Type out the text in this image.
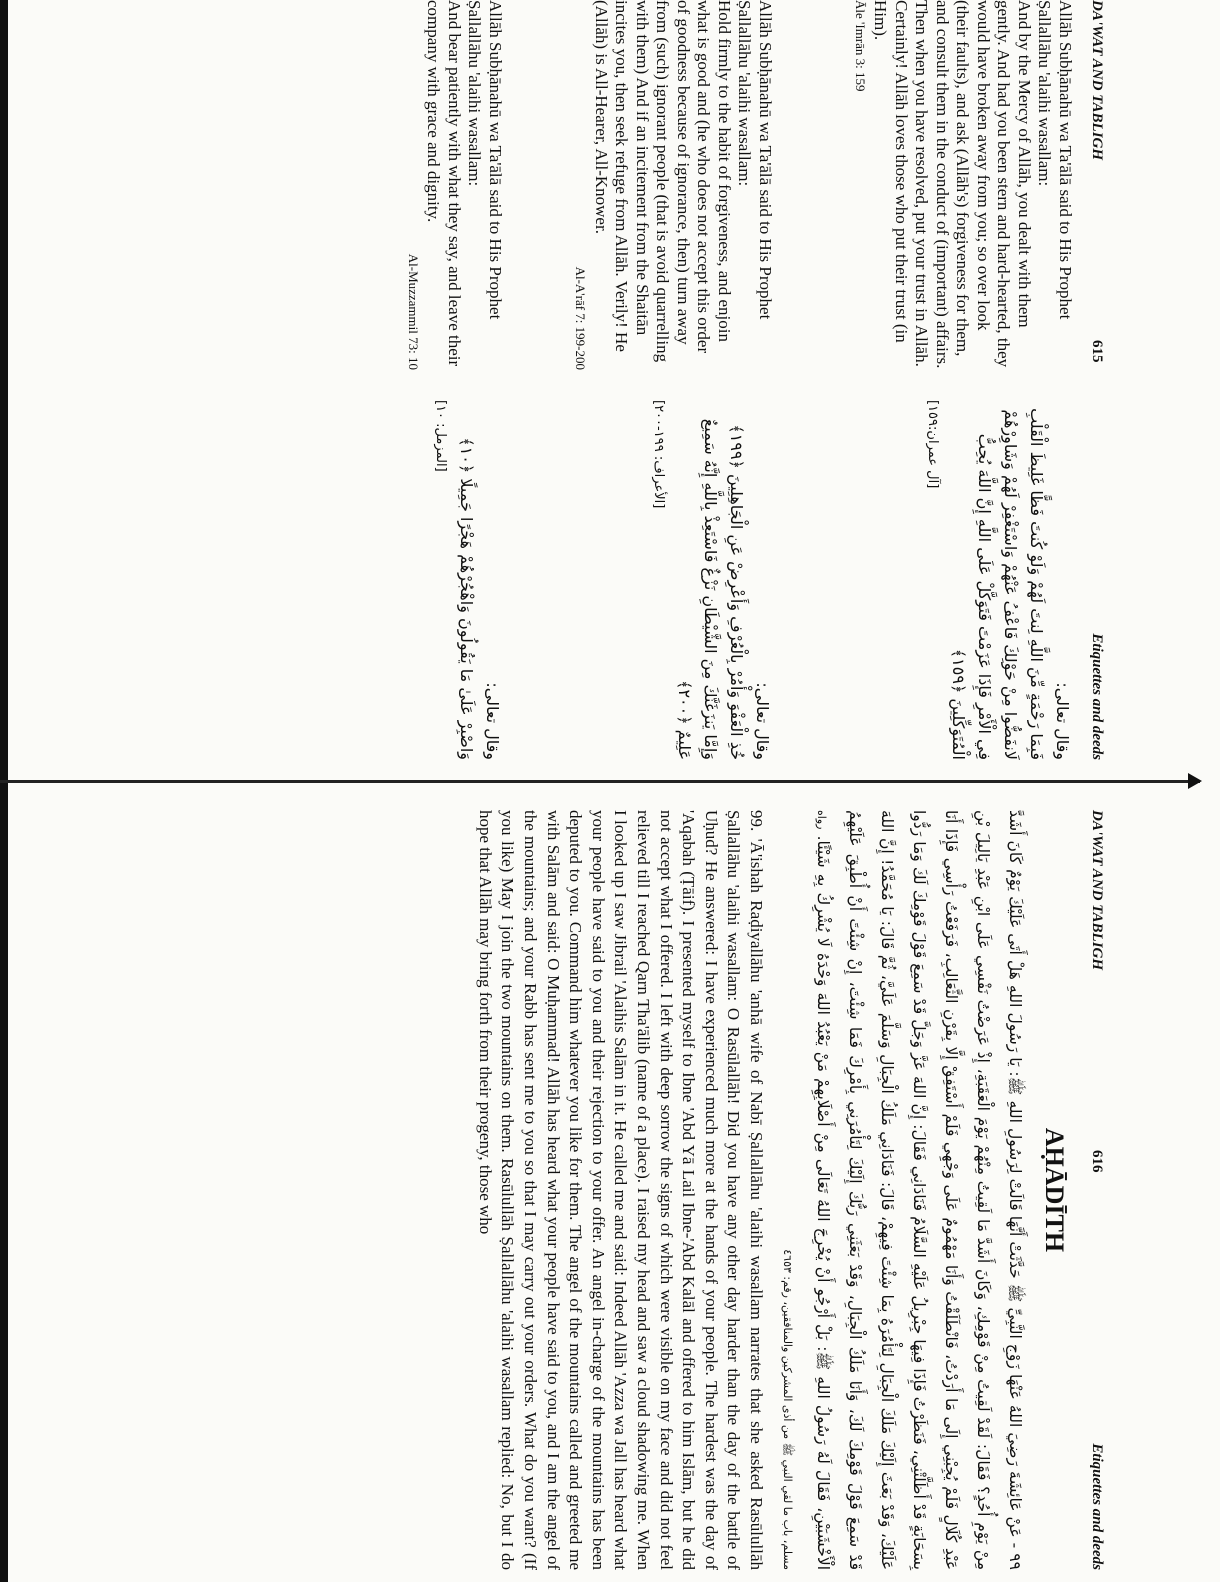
DA'WAT AND TABLIGH
615
Etiquettes and deeds
Allāh Subḥānahū wa Ta'ālā said to His Prophet Ṣallallāhu 'alaihi wasallam:
And by the Mercy of Allāh, you dealt with them gently. And had you been stern and hard-hearted, they would have broken away from you; so over look (their faults), and ask (Allāh's) forgiveness for them, and consult them in the conduct of (important) affairs. Then when you have resolved, put your trust in Allāh. Certainly! Allāh loves those who put their trust (in Him).
Āle 'Imrān 3: 159
وقال تعالى:
فَبِمَا رَحْمَةٍ مِّنَ اللَّهِ لِنتَ لَهُمْ وَلَوْ كُنتَ فَظًّا غَلِيظَ الْقَلْبِ لَانفَضُّوا مِنْ حَوْلِكَ فَاعْفُ عَنْهُمْ وَاسْتَغْفِرْ لَهُمْ وَشَاوِرْهُمْ فِي الْأَمْرِ فَإِذَا عَزَمْتَ فَتَوَكَّلْ عَلَى اللَّهِ إِنَّ اللَّهَ يُحِبُّ الْمُتَوَكِّلِينَ ﴿١٥٩﴾
[آل عمران:١٥٩]
Allāh Subḥānahū wa Ta'ālā said to His Prophet Ṣallallāhu 'alaihi wasallam:
Hold firmly to the habit of forgiveness, and enjoin what is good and (he who does not accept this order of goodness because of ignorance, then) turn away from (such) ignorant people (that is avoid quarrelling with them) And if an incitement from the Shaitān incites you, then seek refuge from Allāh. Verily! He (Allāh) is All-Hearer, All-Knower.
Al-A'rāf 7: 199-200
وقال تعالى:
خُذِ الْعَفْوَ وَأْمُرْ بِالْعُرْفِ وَأَعْرِضْ عَنِ الْجَاهِلِينَ ﴿١٩٩﴾ وَإِمَّا يَنزَغَنَّكَ مِنَ الشَّيْطَانِ نَزْغٌ فَاسْتَعِذْ بِاللَّهِ إِنَّهُ سَمِيعٌ عَلِيمٌ ﴿٢٠٠﴾
[الأعراف: ١٩٩-٢٠٠]
Allāh Subḥānahū wa Ta'ālā said to His Prophet Ṣallallāhu 'alaihi wasallam:
And bear patiently with what they say, and leave their company with grace and dignity.
Al-Muzzammil 73: 10
وقال تعالى:
وَاصْبِرْ عَلَىٰ مَا يَقُولُونَ وَاهْجُرْهُمْ هَجْرًا جَمِيلًا ﴿١٠﴾
[المزمل: ١٠]
DA'WAT AND TABLIGH
616
Etiquettes and deeds
AḤĀDĪTH
٩٩ - عَنْ عَائِشَةَ رَضِيَ اللهُ عَنْهَا زَوْجِ النَّبِيِّ ﷺ حَدَّثَتْ أَنَّهَا قَالَتْ لِرَسُولِ اللهِ ﷺ: يَا رَسُولَ اللهِ هَلْ أَتَى عَلَيْكَ يَوْمٌ كَانَ أَشَدَّ مِنْ يَوْمِ أُحُدٍ؟ فَقَالَ: لَقَدْ لَقِيتُ مِنْ قَوْمِكِ، وَكَانَ أَشَدَّ مَا لَقِيتُ مِنْهُمْ يَوْمَ الْعَقَبَةِ، إِذْ عَرَضْتُ نَفْسِي عَلَى ابْنِ عَبْدِ يَالِيلَ بْنِ عَبْدِ كُلَالٍ فَلَمْ يُجِبْنِي إِلَى مَا أَرَدْتُ، فَانْطَلَقْتُ وَأَنَا مَهْمُومٌ عَلَى وَجْهِي فَلَمْ أَسْتَفِقْ إِلَّا بِقَرْنِ الثَّعَالِبِ، فَرَفَعْتُ رَأْسِي فَإِذَا أَنَا بِسَحَابَةٍ قَدْ أَظَلَّتْنِي، فَنَظَرْتُ فَإِذَا فِيهَا جِبْرِيلُ عَلَيْهِ السَّلَامُ فَنَادَانِي فَقَالَ: إِنَّ اللهَ عَزَّ وَجَلَّ قَدْ سَمِعَ قَوْلَ قَوْمِكَ لَكَ وَمَا رَدُّوا عَلَيْكَ، وَقَدْ بَعَثَ إِلَيْكَ مَلَكَ الْجِبَالِ لِتَأْمُرَهُ بِمَا شِئْتَ فِيهِمْ، قَالَ: فَنَادَانِي مَلَكُ الْجِبَالِ وَسَلَّمَ عَلَيَّ، ثُمَّ قَالَ: يَا مُحَمَّدُ! إِنَّ اللهَ قَدْ سَمِعَ قَوْلَ قَوْمِكَ لَكَ، وَأَنَا مَلَكُ الْجِبَالِ، وَقَدْ بَعَثَنِي رَبُّكَ إِلَيْكَ لِتَأْمُرَنِي بِأَمْرِكَ فَمَا شِئْتَ، إِنْ شِئْتَ أَنْ أُطْبِقَ عَلَيْهِمُ الْأَخْشَبَيْنِ، فَقَالَ لَهُ رَسُولُ اللهِ ﷺ: بَلْ أَرْجُو أَنْ يُخْرِجَ اللهُ تَعَالَى مِنْ أَصْلَابِهِمْ مَنْ يَعْبُدُ اللهَ وَحْدَهُ لَا يُشْرِكُ بِهِ شَيْئًا. رواه مسلم، باب ما لقي النبي ﷺ من أذى المشركين والمنافقين، رقم: ٤٦٥٣
99. 'Ā'ishah Raḍiyallāhu 'anhā wife of Nabī Ṣallallāhu 'alaihi wasallam narrates that she asked Rasūlullāh Ṣallallāhu 'alaihi wasallam: O Rasūlallāh! Did you have any other day harder than the day of the battle of Uḥud? He answered: I have experienced much more at the hands of your people. The hardest was the day of 'Aqabah (Ṭāif). I presented myself to Ibne 'Abd Yā Lail Ibne-'Abd Kalāl and offered to him Islām, but he did not accept what I offered. I left with deep sorrow the signs of which were visible on my face and did not feel relieved till I reached Qarn Tha'ālib (name of a place). I raised my head and saw a cloud shadowing me. When I looked up I saw Jibrail 'Alaihis Salām in it. He called me and said: Indeed Allāh 'Azza wa Jall has heard what your people have said to you and their rejection to your offer. An angel in-charge of the mountains has been deputed to you. Command him whatever you like for them. The angel of the mountains called and greeted me with Salām and said: O Muḥammad! Allāh has heard what your people have said to you, and I am the angel of the mountains; and your Rabb has sent me to you so that I may carry out your orders. What do you want? (If you like) May I join the two mountains on them. Rasūlullāh Ṣallallāhu 'alaihi wasallam replied: No, but I do hope that Allāh may bring forth from their progeny, those who
